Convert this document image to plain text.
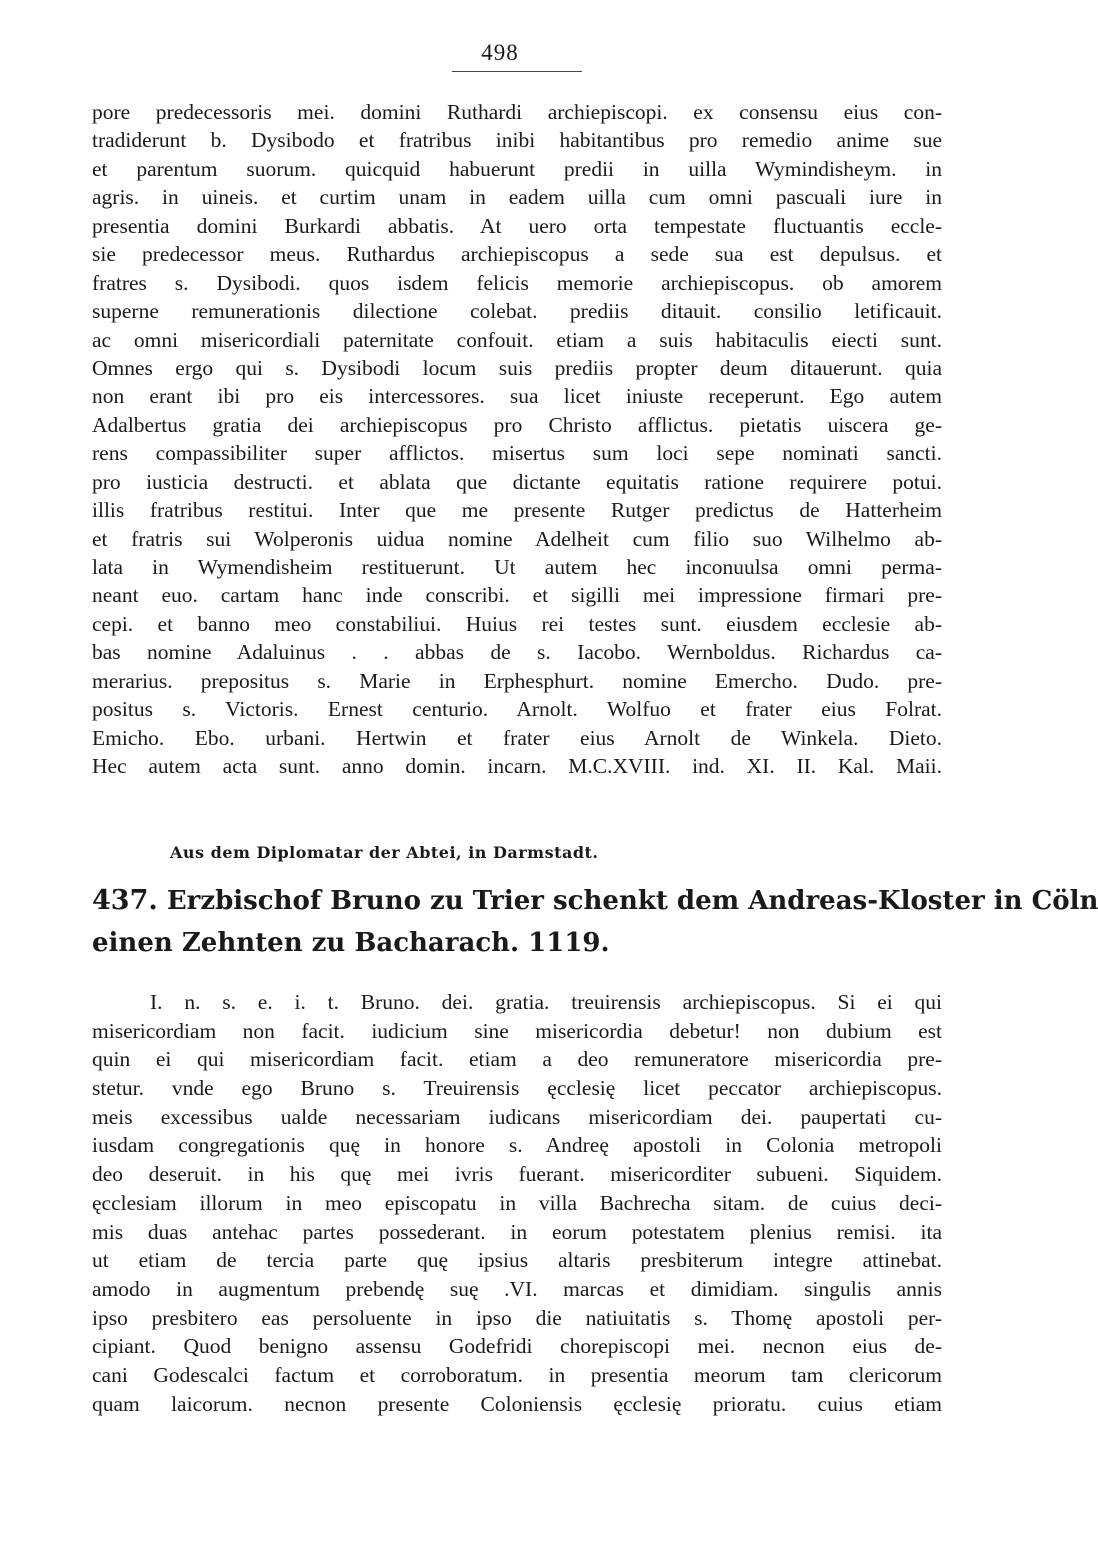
498
pore predecessoris mei. domini Ruthardi archiepiscopi. ex consensu eius con-
tradiderunt b. Dysibodo et fratribus inibi habitantibus pro remedio anime sue
et parentum suorum. quicquid habuerunt predii in uilla Wymindisheym. in
agris. in uineis. et curtim unam in eadem uilla cum omni pascuali iure in
presentia domini Burkardi abbatis. At uero orta tempestate fluctuantis eccle-
sie predecessor meus. Ruthardus archiepiscopus a sede sua est depulsus. et
fratres s. Dysibodi. quos isdem felicis memorie archiepiscopus. ob amorem
superne remunerationis dilectione colebat. prediis ditauit. consilio letificauit.
ac omni misericordiali paternitate confouit. etiam a suis habitaculis eiecti sunt.
Omnes ergo qui s. Dysibodi locum suis prediis propter deum ditauerunt. quia
non erant ibi pro eis intercessores. sua licet iniuste receperunt. Ego autem
Adalbertus gratia dei archiepiscopus pro Christo afflictus. pietatis uiscera ge-
rens compassibiliter super afflictos. misertus sum loci sepe nominati sancti.
pro iusticia destructi. et ablata que dictante equitatis ratione requirere potui.
illis fratribus restitui. Inter que me presente Rutger predictus de Hatterheim
et fratris sui Wolperonis uidua nomine Adelheit cum filio suo Wilhelmo ab-
lata in Wymendisheim restituerunt. Ut autem hec inconuulsa omni perma-
neant euo. cartam hanc inde conscribi. et sigilli mei impressione firmari pre-
cepi. et banno meo constabiliui. Huius rei testes sunt. eiusdem ecclesie ab-
bas nomine Adaluinus . . abbas de s. Iacobo. Wernboldus. Richardus ca-
merarius. prepositus s. Marie in Erphesphurt. nomine Emercho. Dudo. pre-
positus s. Victoris. Ernest centurio. Arnolt. Wolfuo et frater eius Folrat.
Emicho. Ebo. urbani. Hertwin et frater eius Arnolt de Winkela. Dieto.
Hec autem acta sunt. anno domin. incarn. M.C.XVIII. ind. XI. II. Kal. Maii.
Aus dem Diplomatar der Abtei, in Darmstadt.
437. Erzbischof Bruno zu Trier schenkt dem Andreas-Kloster in Cöln
einen Zehnten zu Bacharach. 1119.
I. n. s. e. i. t. Bruno. dei. gratia. treuirensis archiepiscopus. Si ei qui
misericordiam non facit. iudicium sine misericordia debetur! non dubium est
quin ei qui misericordiam facit. etiam a deo remuneratore misericordia pre-
stetur. vnde ego Bruno s. Treuirensis ęcclesię licet peccator archiepiscopus.
meis excessibus ualde necessariam iudicans misericordiam dei. paupertati cu-
iusdam congregationis quę in honore s. Andreę apostoli in Colonia metropoli
deo deseruit. in his quę mei ivris fuerant. misericorditer subueni. Siquidem.
ęcclesiam illorum in meo episcopatu in villa Bachrecha sitam. de cuius deci-
mis duas antehac partes possederant. in eorum potestatem plenius remisi. ita
ut etiam de tercia parte quę ipsius altaris presbiterum integre attinebat.
amodo in augmentum prebendę suę .VI. marcas et dimidiam. singulis annis
ipso presbitero eas persoluente in ipso die natiuitatis s. Thomę apostoli per-
cipiant. Quod benigno assensu Godefridi chorepiscopi mei. necnon eius de-
cani Godescalci factum et corroboratum. in presentia meorum tam clericorum
quam laicorum. necnon presente Coloniensis ęcclesię prioratu. cuius etiam
